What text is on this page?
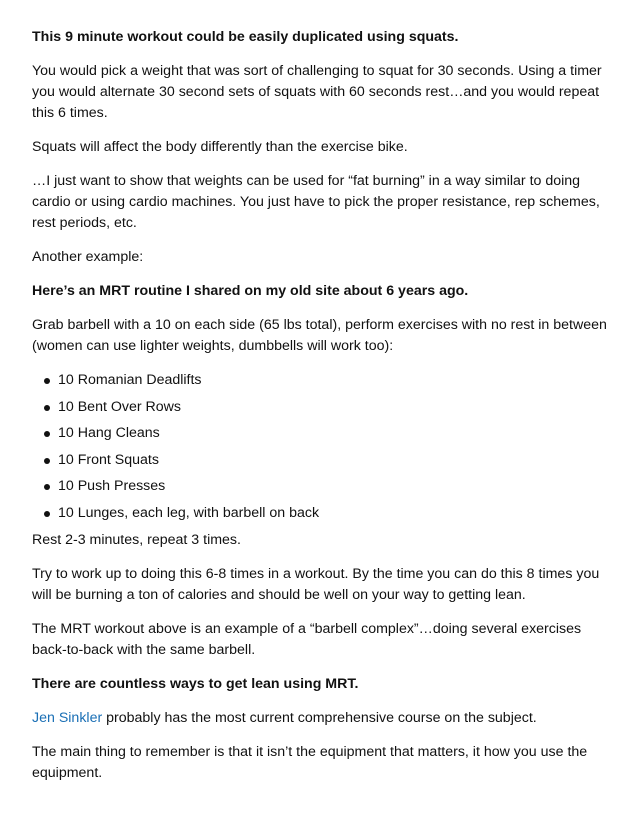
This 9 minute workout could be easily duplicated using squats.

You would pick a weight that was sort of challenging to squat for 30 seconds. Using a timer you would alternate 30 second sets of squats with 60 seconds rest…and you would repeat this 6 times.

Squats will affect the body differently than the exercise bike.

…I just want to show that weights can be used for “fat burning” in a way similar to doing cardio or using cardio machines. You just have to pick the proper resistance, rep schemes, rest periods, etc.

Another example:

Here’s an MRT routine I shared on my old site about 6 years ago.

Grab barbell with a 10 on each side (65 lbs total), perform exercises with no rest in between (women can use lighter weights, dumbbells will work too):

10 Romanian Deadlifts
10 Bent Over Rows
10 Hang Cleans
10 Front Squats
10 Push Presses
10 Lunges, each leg, with barbell on back

Rest 2-3 minutes, repeat 3 times.

Try to work up to doing this 6-8 times in a workout. By the time you can do this 8 times you will be burning a ton of calories and should be well on your way to getting lean.

The MRT workout above is an example of a “barbell complex”…doing several exercises back-to-back with the same barbell.

There are countless ways to get lean using MRT.

Jen Sinkler probably has the most current comprehensive course on the subject.

The main thing to remember is that it isn’t the equipment that matters, it how you use the equipment.
